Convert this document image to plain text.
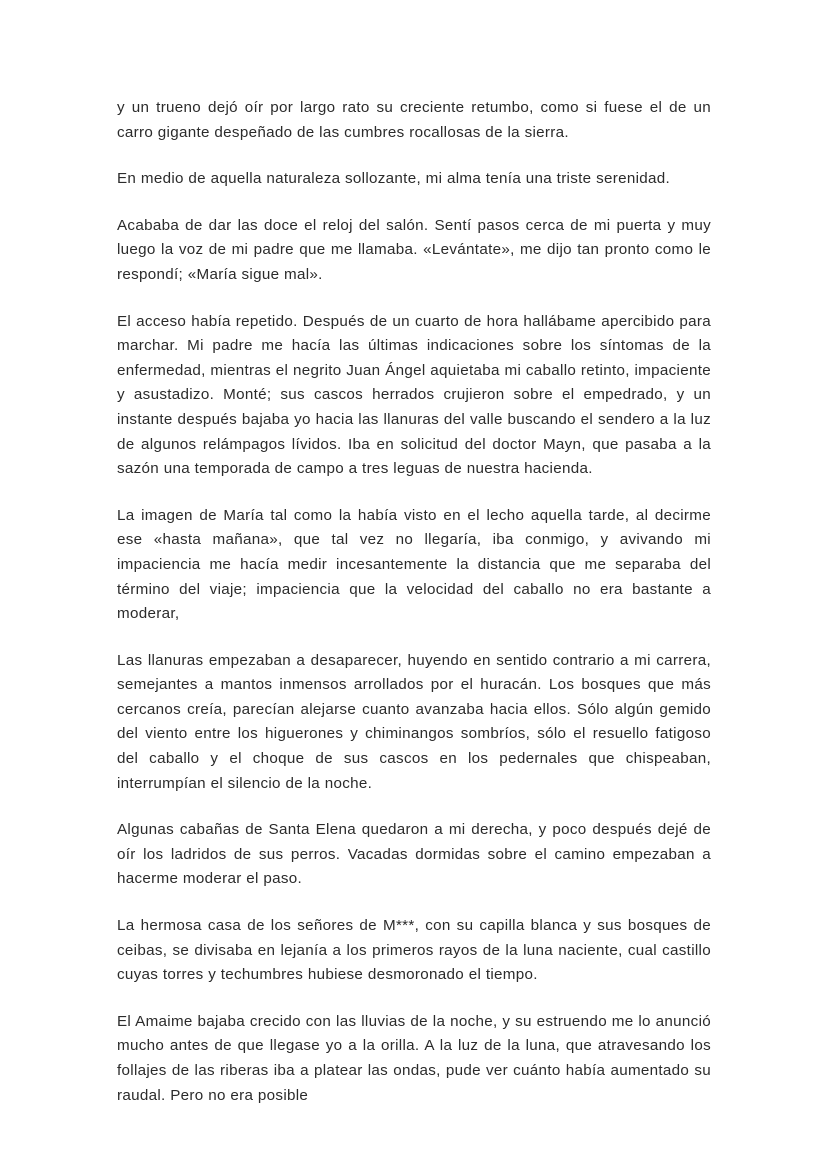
y un trueno dejó oír por largo rato su creciente retumbo, como si fuese el de un carro gigante despeñado de las cumbres rocallosas de la sierra.

En medio de aquella naturaleza sollozante, mi alma tenía una triste serenidad.

Acababa de dar las doce el reloj del salón. Sentí pasos cerca de mi puerta y muy luego la voz de mi padre que me llamaba. «Levántate», me dijo tan pronto como le respondí; «María sigue mal».

El acceso había repetido. Después de un cuarto de hora hallábame apercibido para marchar. Mi padre me hacía las últimas indicaciones sobre los síntomas de la enfermedad, mientras el negrito Juan Ángel aquietaba mi caballo retinto, impaciente y asustadizo. Monté; sus cascos herrados crujieron sobre el empedrado, y un instante después bajaba yo hacia las llanuras del valle buscando el sendero a la luz de algunos relámpagos lívidos. Iba en solicitud del doctor Mayn, que pasaba a la sazón una temporada de campo a tres leguas de nuestra hacienda.

La imagen de María tal como la había visto en el lecho aquella tarde, al decirme ese «hasta mañana», que tal vez no llegaría, iba conmigo, y avivando mi impaciencia me hacía medir incesantemente la distancia que me separaba del término del viaje; impaciencia que la velocidad del caballo no era bastante a moderar,

Las llanuras empezaban a desaparecer, huyendo en sentido contrario a mi carrera, semejantes a mantos inmensos arrollados por el huracán. Los bosques que más cercanos creía, parecían alejarse cuanto avanzaba hacia ellos. Sólo algún gemido del viento entre los higuerones y chiminangos sombríos, sólo el resuello fatigoso del caballo y el choque de sus cascos en los pedernales que chispeaban, interrumpían el silencio de la noche.

Algunas cabañas de Santa Elena quedaron a mi derecha, y poco después dejé de oír los ladridos de sus perros. Vacadas dormidas sobre el camino empezaban a hacerme moderar el paso.

La hermosa casa de los señores de M***, con su capilla blanca y sus bosques de ceibas, se divisaba en lejanía a los primeros rayos de la luna naciente, cual castillo cuyas torres y techumbres hubiese desmoronado el tiempo.

El Amaime bajaba crecido con las lluvias de la noche, y su estruendo me lo anunció mucho antes de que llegase yo a la orilla. A la luz de la luna, que atravesando los follajes de las riberas iba a platear las ondas, pude ver cuánto había aumentado su raudal. Pero no era posible
